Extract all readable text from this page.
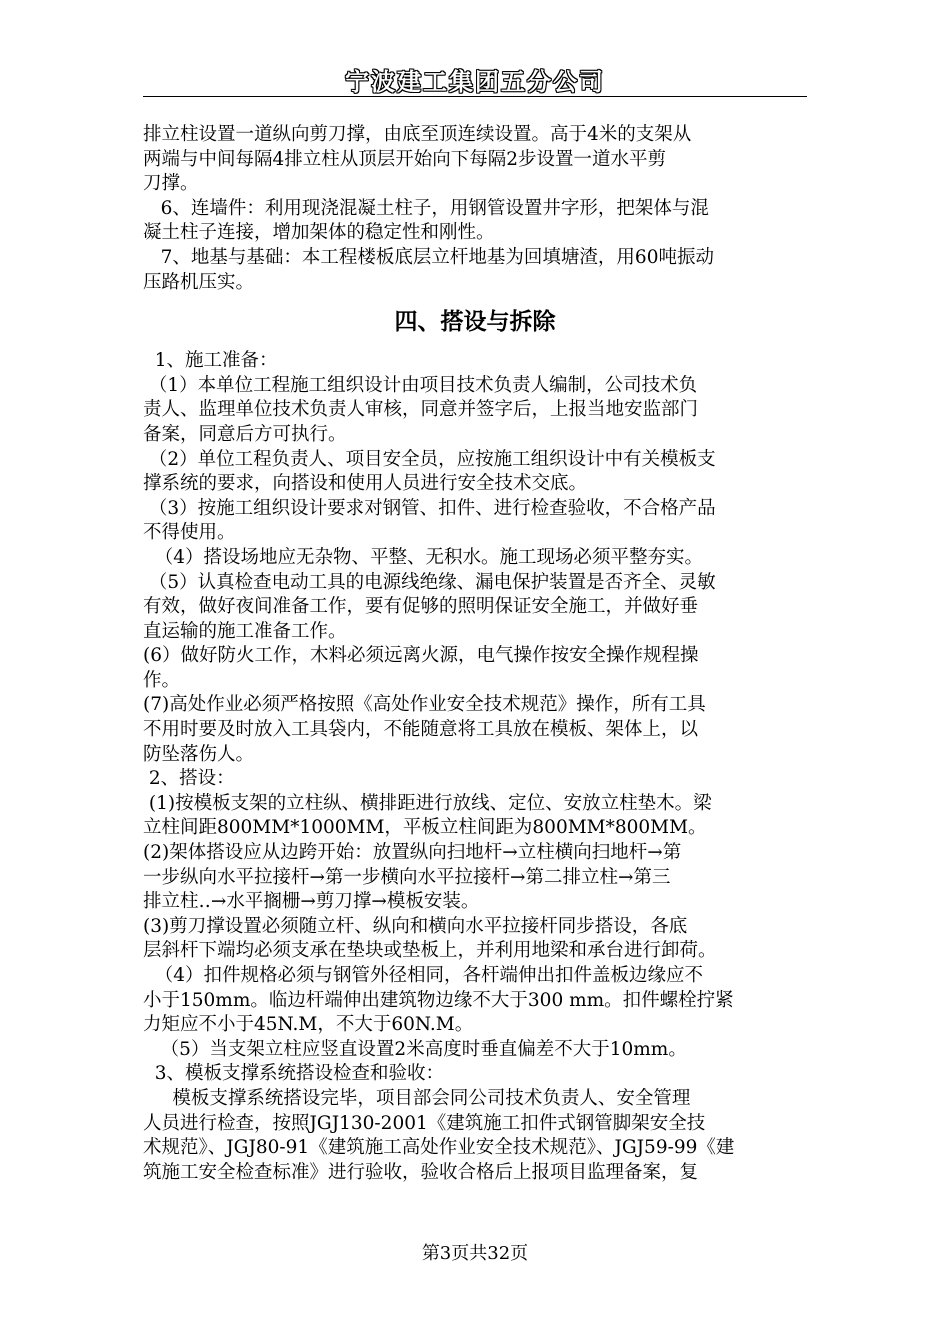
宁波建工集团五分公司

排立柱设置一道纵向剪刀撑，由底至顶连续设置。高于4米的支架从

两端与中间每隔4排立柱从顶层开始向下每隔2步设置一道水平剪

刀撑。

6、连墙件：利用现浇混凝土柱子，用钢管设置井字形，把架体与混

凝土柱子连接，增加架体的稳定性和刚性。

7、地基与基础：本工程楼板底层立杆地基为回填塘渣，用60吨振动

压路机压实。

四、搭设与拆除

1、施工准备：

（1）本单位工程施工组织设计由项目技术负责人编制，公司技术负

责人、监理单位技术负责人审核，同意并签字后，上报当地安监部门

备案，同意后方可执行。

（2）单位工程负责人、项目安全员，应按施工组织设计中有关模板支

撑系统的要求，向搭设和使用人员进行安全技术交底。

（3）按施工组织设计要求对钢管、扣件、进行检查验收，不合格产品

不得使用。

（4）搭设场地应无杂物、平整、无积水。施工现场必须平整夯实。

（5）认真检查电动工具的电源线绝缘、漏电保护装置是否齐全、灵敏

有效，做好夜间准备工作，要有促够的照明保证安全施工，并做好垂

直运输的施工准备工作。

(6）做好防火工作，木料必须远离火源，电气操作按安全操作规程操

作。

(7)高处作业必须严格按照《高处作业安全技术规范》操作，所有工具

不用时要及时放入工具袋内，不能随意将工具放在模板、架体上，以

防坠落伤人。

2、搭设：

(1)按模板支架的立柱纵、横排距进行放线、定位、安放立柱垫木。梁

立柱间距800MM*1000MM，平板立柱间距为800MM*800MM。

(2)架体搭设应从边跨开始：放置纵向扫地杆→立柱横向扫地杆→第

一步纵向水平拉接杆→第一步横向水平拉接杆→第二排立柱→第三

排立柱‥→水平搁栅→剪刀撑→模板安装。

(3)剪刀撑设置必须随立杆、纵向和横向水平拉接杆同步搭设，各底

层斜杆下端均必须支承在垫块或垫板上，并利用地梁和承台进行卸荷。

（4）扣件规格必须与钢管外径相同，各杆端伸出扣件盖板边缘应不

小于150mm。临边杆端伸出建筑物边缘不大于300 mm。扣件螺栓拧紧

力矩应不小于45N.M，不大于60N.M。

（5）当支架立柱应竖直设置2米高度时垂直偏差不大于10mm。

3、模板支撑系统搭设检查和验收：

模板支撑系统搭设完毕，项目部会同公司技术负责人、安全管理

人员进行检查，按照JGJ130-2001《建筑施工扣件式钢管脚架安全技

术规范》、JGJ80-91《建筑施工高处作业安全技术规范》、JGJ59-99《建

筑施工安全检查标准》进行验收，验收合格后上报项目监理备案，复

第3页共32页
